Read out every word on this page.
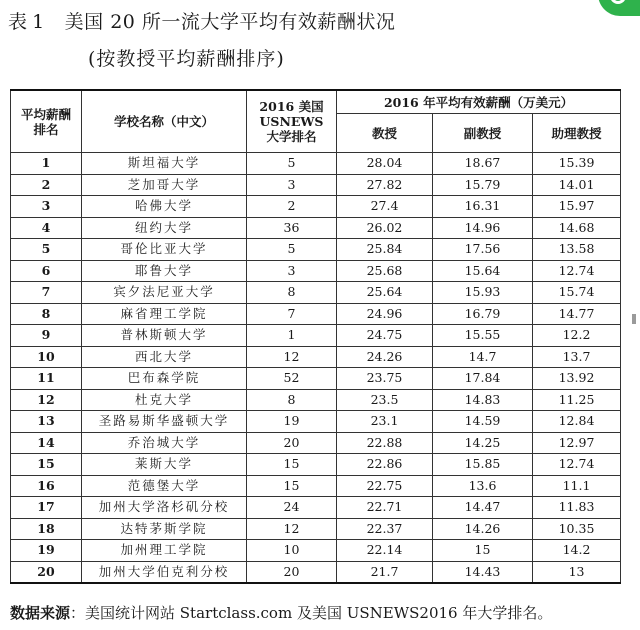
表 1 美国 20 所一流大学平均有效薪酬状况
(按教授平均薪酬排序)
平均薪酬排名	学校名称（中文）	2016 美国 USNEWS 大学排名	2016 年平均有效薪酬（万美元）		
			教授	副教授	助理教授
1	斯坦福大学	5	28.04	18.67	15.39
2	芝加哥大学	3	27.82	15.79	14.01
3	哈佛大学	2	27.4	16.31	15.97
4	纽约大学	36	26.02	14.96	14.68
5	哥伦比亚大学	5	25.84	17.56	13.58
6	耶鲁大学	3	25.68	15.64	12.74
7	宾夕法尼亚大学	8	25.64	15.93	15.74
8	麻省理工学院	7	24.96	16.79	14.77
9	普林斯顿大学	1	24.75	15.55	12.2
10	西北大学	12	24.26	14.7	13.7
11	巴布森学院	52	23.75	17.84	13.92
12	杜克大学	8	23.5	14.83	11.25
13	圣路易斯华盛顿大学	19	23.1	14.59	12.84
14	乔治城大学	20	22.88	14.25	12.97
15	莱斯大学	15	22.86	15.85	12.74
16	范德堡大学	15	22.75	13.6	11.1
17	加州大学洛杉矶分校	24	22.71	14.47	11.83
18	达特茅斯学院	12	22.37	14.26	10.35
19	加州理工学院	10	22.14	15	14.2
20	加州大学伯克利分校	20	21.7	14.43	13
数据来源：美国统计网站 Startclass.com 及美国 USNEWS2016 年大学排名。
